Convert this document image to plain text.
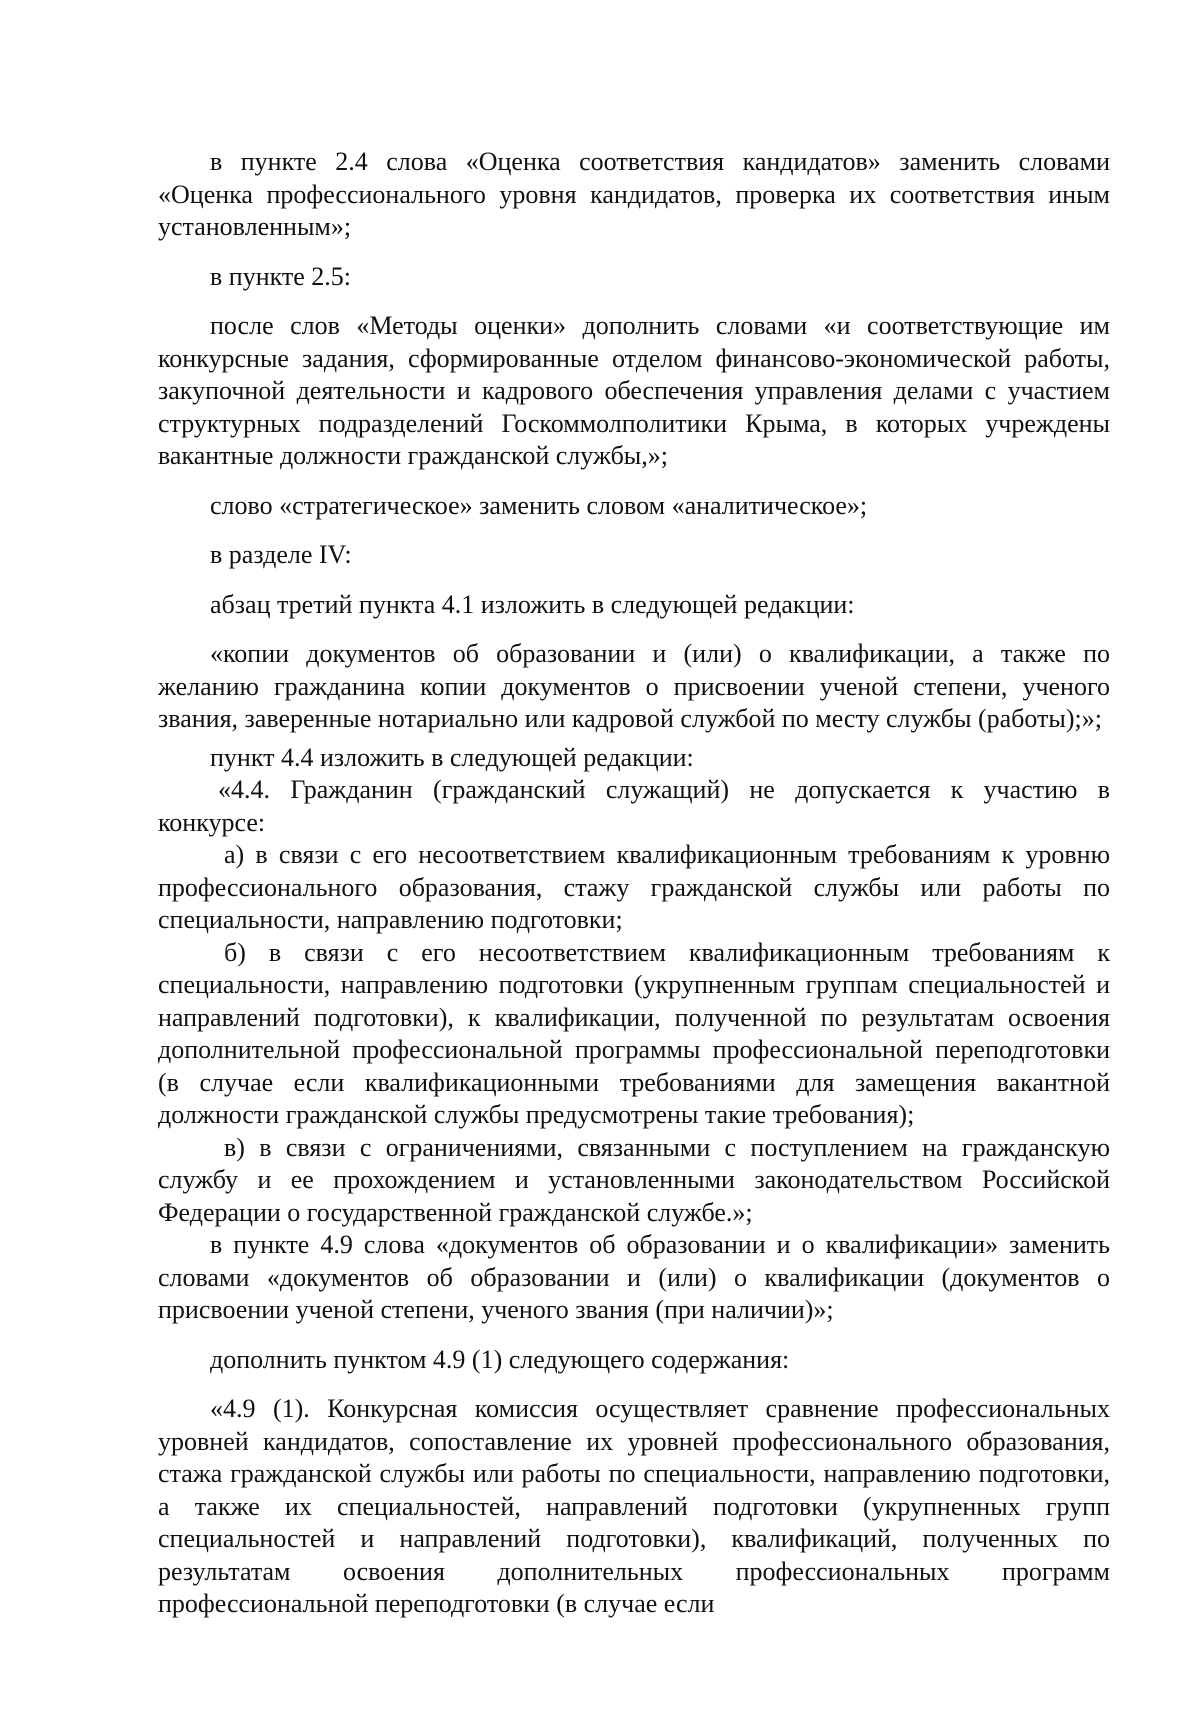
в пункте 2.4 слова «Оценка соответствия кандидатов» заменить словами «Оценка профессионального уровня кандидатов, проверка их соответствия иным установленным»;

в пункте 2.5:

после слов «Методы оценки» дополнить словами «и соответствующие им конкурсные задания, сформированные отделом финансово-экономической работы, закупочной деятельности и кадрового обеспечения управления делами с участием структурных подразделений Госкоммолполитики Крыма, в которых учреждены вакантные должности гражданской службы,»;

слово «стратегическое» заменить словом «аналитическое»;

в разделе IV:

абзац третий пункта 4.1 изложить в следующей редакции:

«копии документов об образовании и (или) о квалификации, а также по желанию гражданина копии документов о присвоении ученой степени, ученого звания, заверенные нотариально или кадровой службой по месту службы (работы);»;

пункт 4.4 изложить в следующей редакции:

«4.4. Гражданин (гражданский служащий) не допускается к участию в конкурсе:

а) в связи с его несоответствием квалификационным требованиям к уровню профессионального образования, стажу гражданской службы или работы по специальности, направлению подготовки;

б) в связи с его несоответствием квалификационным требованиям к специальности, направлению подготовки (укрупненным группам специальностей и направлений подготовки), к квалификации, полученной по результатам освоения дополнительной профессиональной программы профессиональной переподготовки (в случае если квалификационными требованиями для замещения вакантной должности гражданской службы предусмотрены такие требования);

в) в связи с ограничениями, связанными с поступлением на гражданскую службу и ее прохождением и установленными законодательством Российской Федерации о государственной гражданской службе.»;

в пункте 4.9 слова «документов об образовании и о квалификации» заменить словами «документов об образовании и (или) о квалификации (документов о присвоении ученой степени, ученого звания (при наличии)»;

дополнить пунктом 4.9 (1) следующего содержания:

«4.9 (1). Конкурсная комиссия осуществляет сравнение профессиональных уровней кандидатов, сопоставление их уровней профессионального образования, стажа гражданской службы или работы по специальности, направлению подготовки, а также их специальностей, направлений подготовки (укрупненных групп специальностей и направлений подготовки), квалификаций, полученных по результатам освоения дополнительных профессиональных программ профессиональной переподготовки (в случае если
